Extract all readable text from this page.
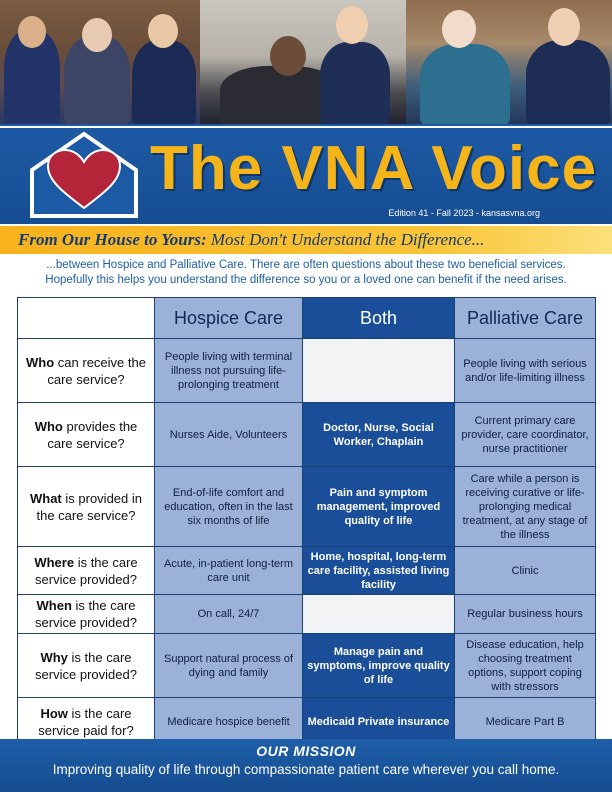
The VNA Voice
Edition 41 - Fall 2023 - kansasvna.org
From Our House to Yours: Most Don't Understand the Difference...
...between Hospice and Palliative Care. There are often questions about these two beneficial services.
Hopefully this helps you understand the difference so you or a loved one can benefit if the need arises.
	Hospice Care	Both	Palliative Care
Who can receive the care service?	People living with terminal illness not pursuing life-prolonging treatment		People living with serious and/or life-limiting illness
Who provides the care service?	Nurses Aide, Volunteers	Doctor, Nurse, Social Worker, Chaplain	Current primary care provider, care coordinator, nurse practitioner
What is provided in the care service?	End-of-life comfort and education, often in the last six months of life	Pain and symptom management, improved quality of life	Care while a person is receiving curative or life-prolonging medical treatment, at any stage of the illness
Where is the care service provided?	Acute, in-patient long-term care unit	Home, hospital, long-term care facility, assisted living facility	Clinic
When is the care service provided?	On call, 24/7		Regular business hours
Why is the care service provided?	Support natural process of dying and family	Manage pain and symptoms, improve quality of life	Disease education, help choosing treatment options, support coping with stressors
How is the care service paid for?	Medicare hospice benefit	Medicaid Private insurance	Medicare Part B
OUR MISSION
Improving quality of life through compassionate patient care wherever you call home.
